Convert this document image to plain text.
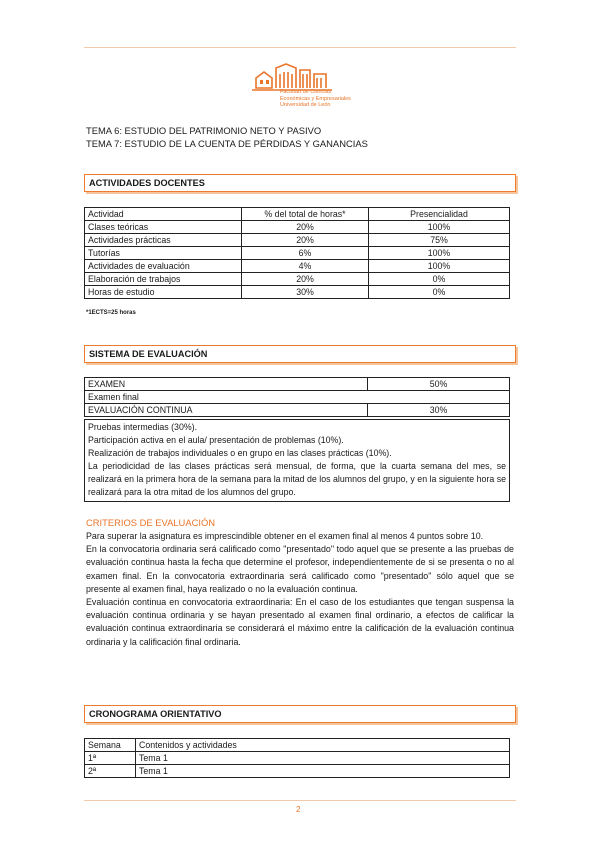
Facultad de Ciencias
Económicas y Empresariales
Universidad de León
TEMA 6: ESTUDIO DEL PATRIMONIO NETO Y PASIVO
TEMA 7: ESTUDIO DE LA CUENTA DE PÉRDIDAS Y GANANCIAS
ACTIVIDADES DOCENTES
Actividad	% del total de horas*	Presencialidad
Clases teóricas	20%	100%
Actividades prácticas	20%	75%
Tutorías	6%	100%
Actividades de evaluación	4%	100%
Elaboración de trabajos	20%	0%
Horas de estudio	30%	0%
*1ECTS=25 horas
SISTEMA DE EVALUACIÓN
EXAMEN	50%
Examen final	
EVALUACIÓN CONTINUA	30%
Pruebas intermedias (30%).
Participación activa en el aula/ presentación de problemas (10%).
Realización de trabajos individuales o en grupo en las clases prácticas (10%).
La periodicidad de las clases prácticas será mensual, de forma, que la cuarta semana del mes, se realizará en la primera hora de la semana para la mitad de los alumnos del grupo, y en la siguiente hora se realizará para la otra mitad de los alumnos del grupo.
CRITERIOS DE EVALUACIÓN
Para superar la asignatura es imprescindible obtener en el examen final al menos 4 puntos sobre 10.
En la convocatoria ordinaria será calificado como "presentado" todo aquel que se presente a las pruebas de evaluación continua hasta la fecha que determine el profesor, independientemente de si se presenta o no al examen final. En la convocatoria extraordinaria será calificado como "presentado" sólo aquel que se presente al examen final, haya realizado o no la evaluación continua.
Evaluación continua en convocatoria extraordinaria: En el caso de los estudiantes que tengan suspensa la evaluación continua ordinaria y se hayan presentado al examen final ordinario, a efectos de calificar la evaluación continua extraordinaria se considerará el máximo entre la calificación de la evaluación continua ordinaria y la calificación final ordinaria.
CRONOGRAMA ORIENTATIVO
Semana	Contenidos y actividades
1ª	Tema 1
2ª	Tema 1
2
